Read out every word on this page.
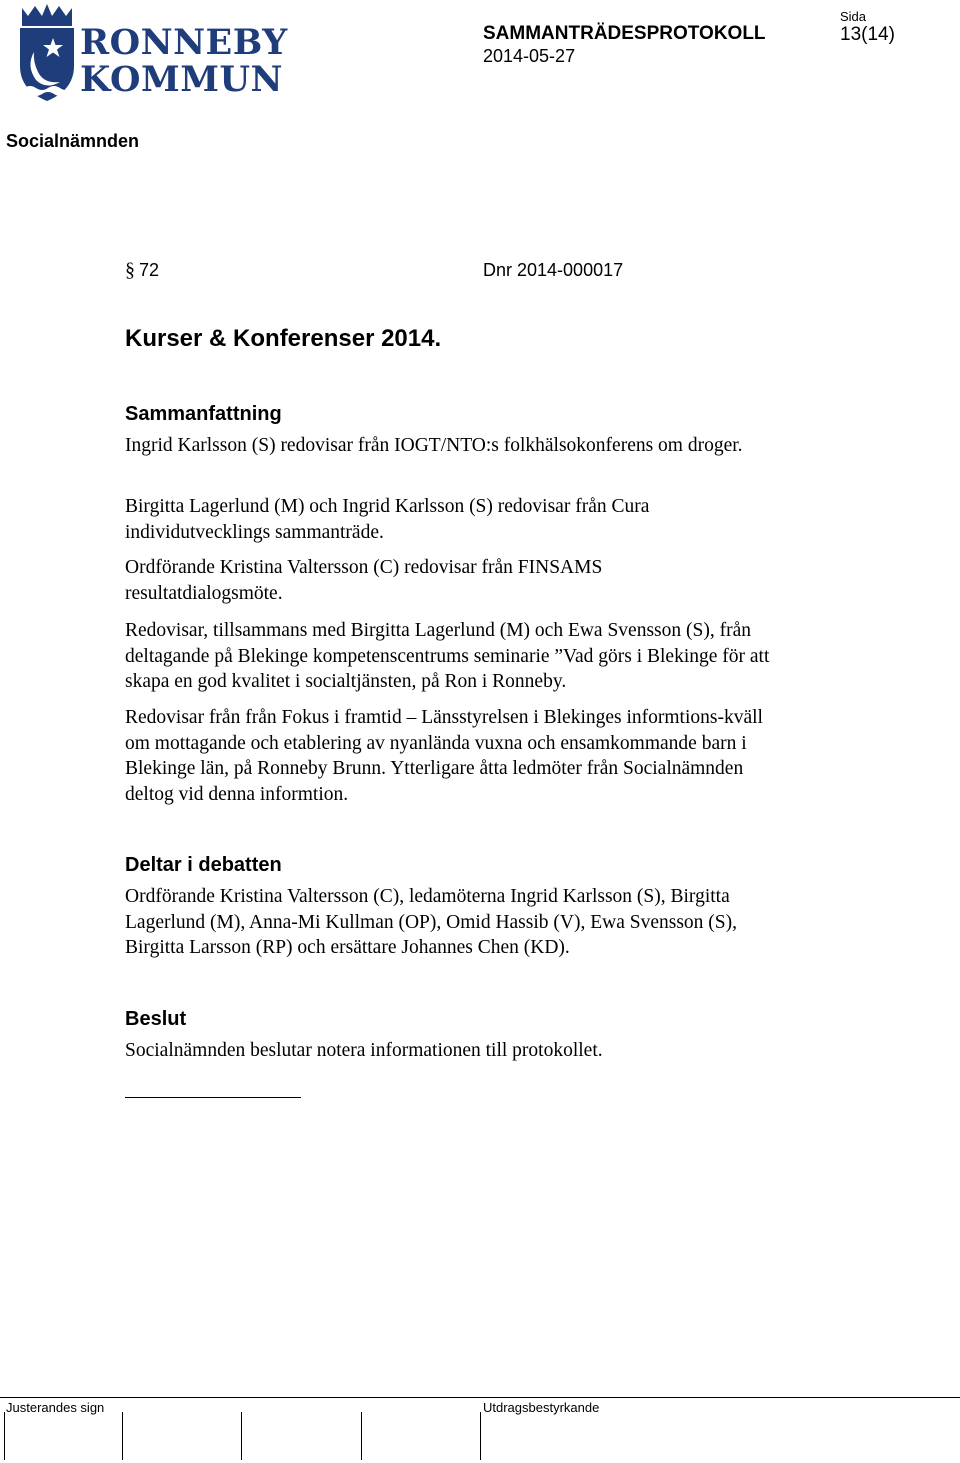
RONNEBY
KOMMUN
SAMMANTRÄDESPROTOKOLL
2014-05-27
Sida
13(14)
Socialnämnden
§ 72	Dnr 2014-000017
Kurser & Konferenser 2014.
Sammanfattning

Ingrid Karlsson (S) redovisar från IOGT/NTO:s folkhälsokonferens om droger.

Birgitta Lagerlund (M) och Ingrid Karlsson (S) redovisar från Cura individutvecklings sammanträde.

Ordförande Kristina Valtersson (C) redovisar från FINSAMS resultatdialogsmöte.

Redovisar, tillsammans med Birgitta Lagerlund (M) och Ewa Svensson (S), från deltagande på Blekinge kompetenscentrums seminarie ”Vad görs i Blekinge för att skapa en god kvalitet i socialtjänsten, på Ron i Ronneby.

Redovisar från från Fokus i framtid – Länsstyrelsen i Blekinges informtions-kväll om mottagande och etablering av nyanlända vuxna och ensamkommande barn i Blekinge län, på Ronneby Brunn. Ytterligare åtta ledmöter från Socialnämnden deltog vid denna informtion.

Deltar i debatten

Ordförande Kristina Valtersson (C), ledamöterna Ingrid Karlsson (S), Birgitta Lagerlund (M), Anna-Mi Kullman (OP), Omid Hassib (V), Ewa Svensson (S), Birgitta Larsson (RP) och ersättare Johannes Chen (KD).

Beslut

Socialnämnden beslutar notera informationen till protokollet.

Justerandes sign	Utdragsbestyrkande
